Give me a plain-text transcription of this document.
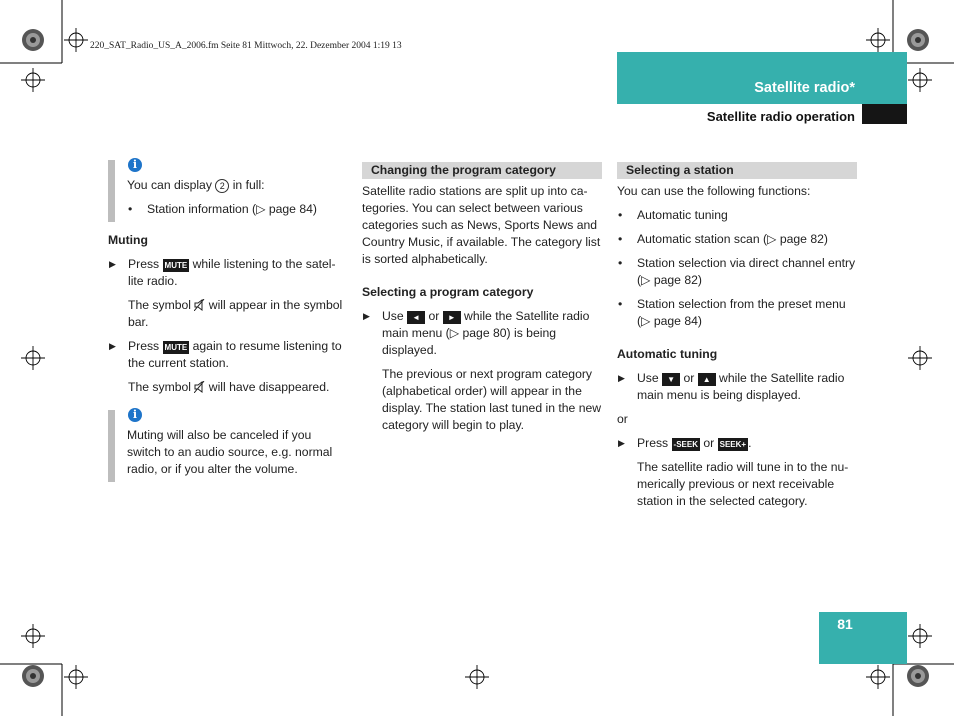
220_SAT_Radio_US_A_2006.fm Seite 81 Mittwoch, 22. Dezember 2004 1:19 13
Satellite radio*
Satellite radio operation
81
i

You can display 2 in full:

• Station information (▷ page 84)
Muting
▶ Press MUTE while listening to the satel-lite radio.

The symbol  will appear in the symbol bar.

▶ Press MUTE again to resume listening to the current station.

The symbol  will have disappeared.

i

Muting will also be canceled if you switch to an audio source, e.g. normal radio, or if you alter the volume.

Changing the program category

Satellite radio stations are split up into ca-tegories. You can select between various categories such as News, Sports News and Country Music, if available. The category list is sorted alphabetically.

Selecting a program category
▶ Use ◄ or ► while the Satellite radio main menu (▷ page 80) is being displayed.

The previous or next program category (alphabetical order) will appear in the display. The station last tuned in the new category will begin to play.

Selecting a station

You can use the following functions:

• Automatic tuning
• Automatic station scan (▷ page 82)
• Station selection via direct channel entry (▷ page 82)
• Station selection from the preset menu (▷ page 84)
Automatic tuning
▶ Use ▼ or ▲ while the Satellite radio main menu is being displayed.

or

▶ Press -SEEK or SEEK+ .

The satellite radio will tune in to the nu-merically previous or next receivable station in the selected category.
